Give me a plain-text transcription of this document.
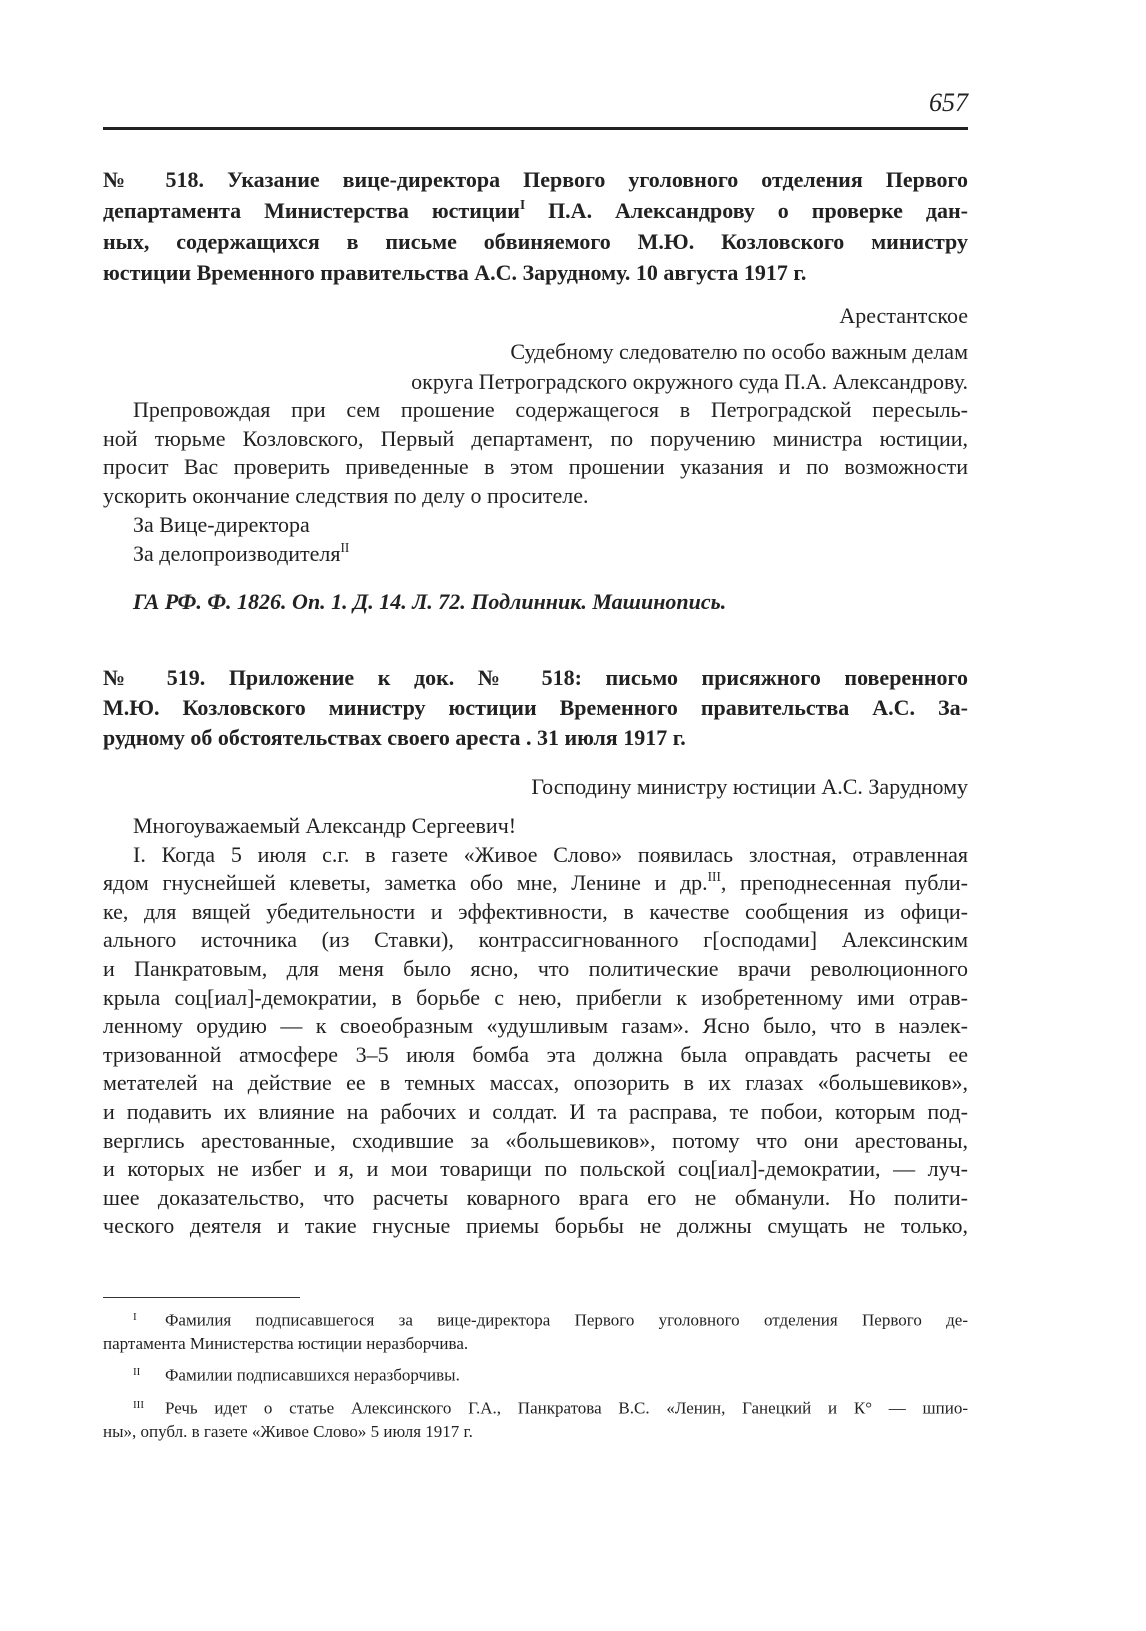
657
№ 518. Указание вице-директора Первого уголовного отделения Первого
департамента Министерства юстиции$^I$ П.А. Александрову о проверке дан-
ных, содержащихся в письме обвиняемого М.Ю. Козловского министру
юстиции Временного правительства А.С. Зарудному. 10 августа 1917 г.
Арестантское
Судебному следователю по особо важным делам
округа Петроградского окружного суда П.А. Александрову.
Препровождая при сем прошение содержащегося в Петроградской пересыль-
ной тюрьме Козловского, Первый департамент, по поручению министра юстиции,
просит Вас проверить приведенные в этом прошении указания и по возможности
ускорить окончание следствия по делу о просителе.
За Вице-директора
За делопроизводителя$^{II}$
ГА РФ. Ф. 1826. Оп. 1. Д. 14. Л. 72. Подлинник. Машинопись.
№ 519. Приложение к док. № 518: письмо присяжного поверенного
М.Ю. Козловского министру юстиции Временного правительства А.С. За-
рудному об обстоятельствах своего ареста . 31 июля 1917 г.
Господину министру юстиции А.С. Зарудному
Многоуважаемый Александр Сергеевич!
I. Когда 5 июля с.г. в газете «Живое Слово» появилась злостная, отравленная
ядом гнуснейшей клеветы, заметка обо мне, Ленине и др.$^{III}$, преподнесенная публи-
ке, для вящей убедительности и эффективности, в качестве сообщения из офици-
ального источника (из Ставки), контрассигнованного г[осподами] Алексинским
и Панкратовым, для меня было ясно, что политические врачи революционного
крыла соц[иал]-демократии, в борьбе с нею, прибегли к изобретенному ими отрав-
ленному орудию — к своеобразным «удушливым газам». Ясно было, что в наэлек-
тризованной атмосфере 3–5 июля бомба эта должна была оправдать расчеты ее
метателей на действие ее в темных массах, опозорить в их глазах «большевиков»,
и подавить их влияние на рабочих и солдат. И та расправа, те побои, которым под-
верглись арестованные, сходившие за «большевиков», потому что они арестованы,
и которых не избег и я, и мои товарищи по польской соц[иал]-демократии, — луч-
шее доказательство, что расчеты коварного врага его не обманули. Но полити-
ческого деятеля и такие гнусные приемы борьбы не должны смущать не только,
I Фамилия подписавшегося за вице-директора Первого уголовного отделения Первого де-
партамента Министерства юстиции неразборчива.
II Фамилии подписавшихся неразборчивы.
III Речь идет о статье Алексинского Г.А., Панкратова В.С. «Ленин, Ганецкий и К° — шпио-
ны», опубл. в газете «Живое Слово» 5 июля 1917 г.
